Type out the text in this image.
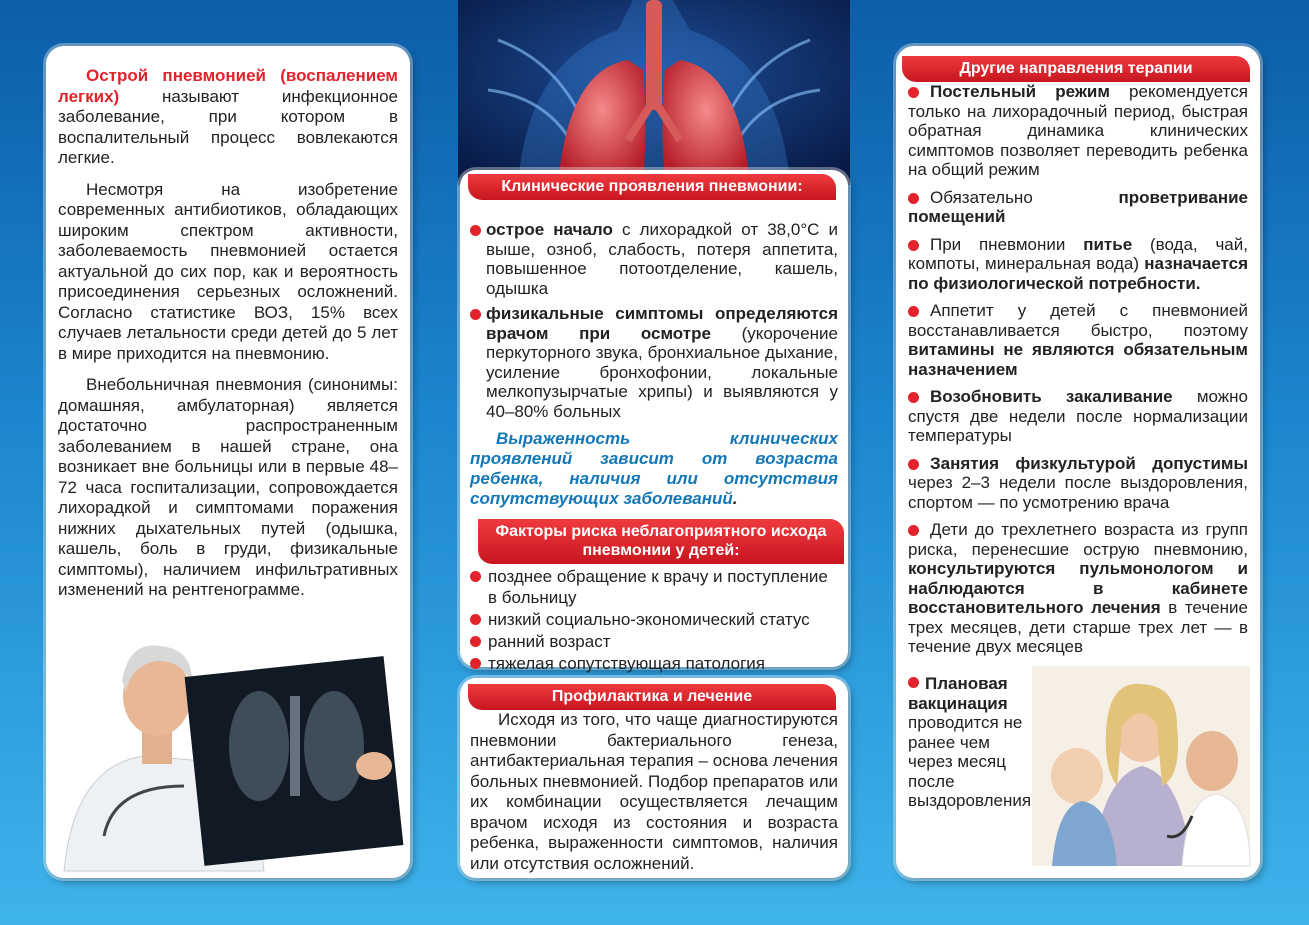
Острой пневмонией (воспалением легких) называют инфекционное заболевание, при котором в воспалительный процесс вовлекаются легкие.

Несмотря на изобретение современных антибиотиков, обладающих широким спектром активности, заболеваемость пневмонией остается актуальной до сих пор, как и вероятность присоединения серьезных осложнений. Согласно статистике ВОЗ, 15% всех случаев летальности среди детей до 5 лет в мире приходится на пневмонию.

Внебольничная пневмония (синонимы: домашняя, амбулаторная) является достаточно распространенным заболеванием в нашей стране, она возникает вне больницы или в первые 48–72 часа госпитализации, сопровождается лихорадкой и симптомами поражения нижних дыхательных путей (одышка, кашель, боль в груди, физикальные симптомы), наличием инфильтративных изменений на рентгенограмме.

Клинические проявления пневмонии:
острое начало с лихорадкой от 38,0°С и выше, озноб, слабость, потеря аппетита, повышенное потоотделение, кашель, одышка
физикальные симптомы определяются врачом при осмотре (укорочение перкуторного звука, бронхиальное дыхание, усиление бронхофонии, локальные мелкопузырчатые хрипы) и выявляются у 40–80% больных
Выраженность клинических проявлений зависит от возраста ребенка, наличия или отсутствия сопутствующих заболеваний.
Факторы риска неблагоприятного исхода пневмонии у детей:
позднее обращение к врачу и поступление в больницу
низкий социально-экономический статус
ранний возраст
тяжелая сопутствующая патология
Профилактика и лечение
Исходя из того, что чаще диагностируются пневмонии бактериального генеза, антибактериальная терапия – основа лечения больных пневмонией. Подбор препаратов или их комбинации осуществляется лечащим врачом исходя из состояния и возраста ребенка, выраженности симптомов, наличия или отсутствия осложнений.
Другие направления терапии
Постельный режим рекомендуется только на лихорадочный период, быстрая обратная динамика клинических симптомов позволяет переводить ребенка на общий режим
Обязательно проветривание помещений
При пневмонии питье (вода, чай, компоты, минеральная вода) назначается по физиологической потребности.
Аппетит у детей с пневмонией восстанавливается быстро, поэтому витамины не являются обязательным назначением
Возобновить закаливание можно спустя две недели после нормализации температуры
Занятия физкультурой допустимы через 2–3 недели после выздоровления, спортом — по усмотрению врача
Дети до трехлетнего возраста из групп риска, перенесшие острую пневмонию, консультируются пульмонологом и наблюдаются в кабинете восстановительного лечения в течение трех месяцев, дети старше трех лет — в течение двух месяцев
Плановая вакцинация проводится не ранее чем через месяц после выздоровления
